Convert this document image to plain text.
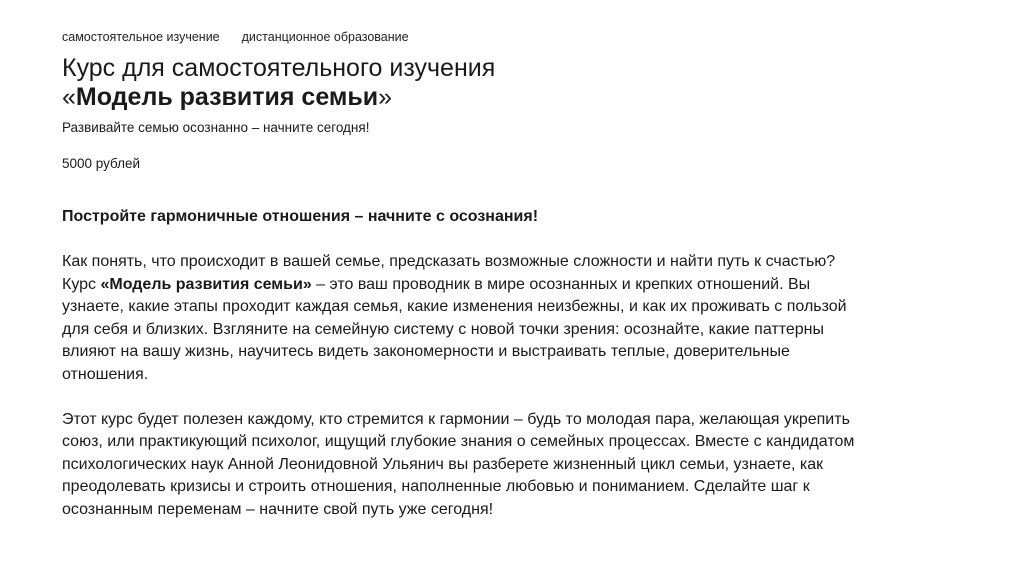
самостоятельное изучение дистанционное образование
Курс для самостоятельного изучения
«Модель развития семьи»
Развивайте семью осознанно – начните сегодня!
5000 рублей

Постройте гармоничные отношения – начните с осознания!

Как понять, что происходит в вашей семье, предсказать возможные сложности и найти путь к счастью? Курс «Модель развития семьи» – это ваш проводник в мире осознанных и крепких отношений. Вы узнаете, какие этапы проходит каждая семья, какие изменения неизбежны, и как их проживать с пользой для себя и близких. Взгляните на семейную систему с новой точки зрения: осознайте, какие паттерны влияют на вашу жизнь, научитесь видеть закономерности и выстраивать теплые, доверительные отношения.

Этот курс будет полезен каждому, кто стремится к гармонии – будь то молодая пара, желающая укрепить союз, или практикующий психолог, ищущий глубокие знания о семейных процессах. Вместе с кандидатом психологических наук Анной Леонидовной Ульянич вы разберете жизненный цикл семьи, узнаете, как преодолевать кризисы и строить отношения, наполненные любовью и пониманием. Сделайте шаг к осознанным переменам – начните свой путь уже сегодня!
